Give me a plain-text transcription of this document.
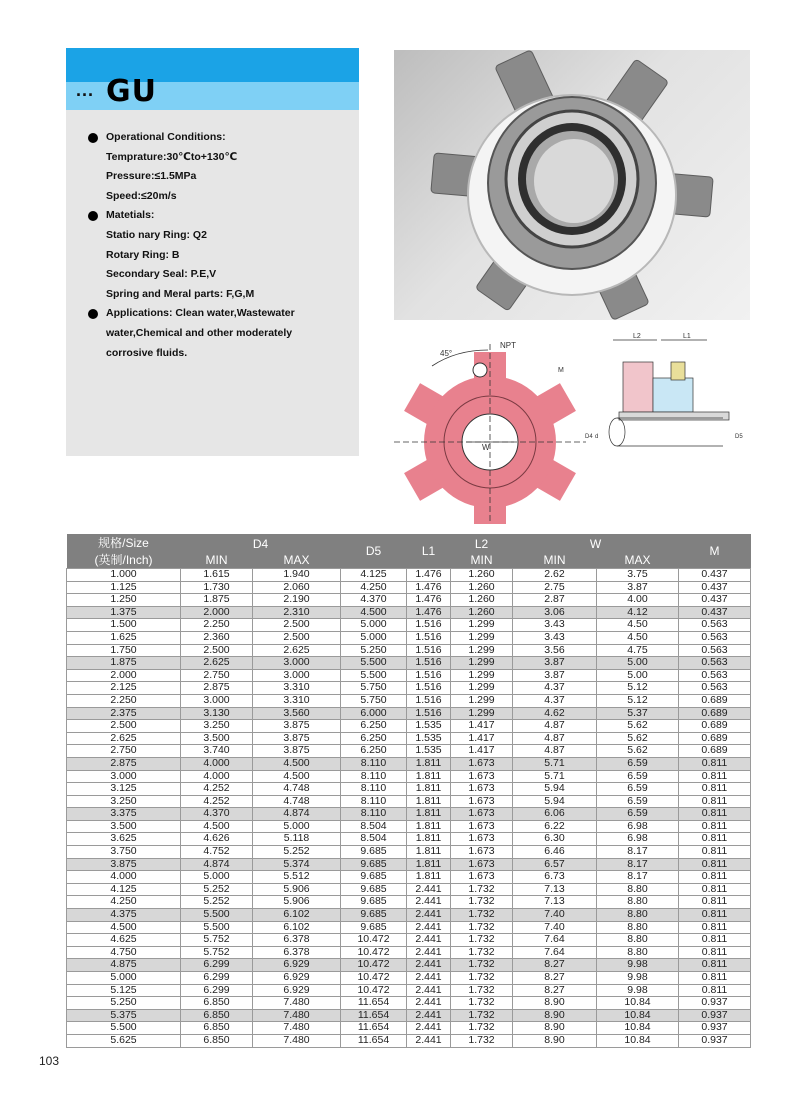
... GU
Operational Conditions:
Temprature:30℃to+130℃
Pressure:≤1.5MPa
Speed:≤20m/s
Matetials:
Statio nary Ring: Q2
Rotary Ring: B
Secondary Seal: P.E,V
Spring and Meral parts: F,G,M
Applications: Clean water,Wastewater
water,Chemical and other moderately
corrosive fluids.	45°
NPT
M
W
L2	L1
D4 d	D5
规格/Size
(英制/Inch)	D4		D5	L1	L2	W		M
	MIN	MAX			MIN	MIN	MAX	
1.000	1.615	1.940	4.125	1.476	1.260	2.62	3.75	0.437
1.125	1.730	2.060	4.250	1.476	1.260	2.75	3.87	0.437
1.250	1.875	2.190	4.370	1.476	1.260	2.87	4.00	0.437
1.375	2.000	2.310	4.500	1.476	1.260	3.06	4.12	0.437
1.500	2.250	2.500	5.000	1.516	1.299	3.43	4.50	0.563
1.625	2.360	2.500	5.000	1.516	1.299	3.43	4.50	0.563
1.750	2.500	2.625	5.250	1.516	1.299	3.56	4.75	0.563
1.875	2.625	3.000	5.500	1.516	1.299	3.87	5.00	0.563
2.000	2.750	3.000	5.500	1.516	1.299	3.87	5.00	0.563
2.125	2.875	3.310	5.750	1.516	1.299	4.37	5.12	0.563
2.250	3.000	3.310	5.750	1.516	1.299	4.37	5.12	0.689
2.375	3.130	3.560	6.000	1.516	1.299	4.62	5.37	0.689
2.500	3.250	3.875	6.250	1.535	1.417	4.87	5.62	0.689
2.625	3.500	3.875	6.250	1.535	1.417	4.87	5.62	0.689
2.750	3.740	3.875	6.250	1.535	1.417	4.87	5.62	0.689
2.875	4.000	4.500	8.110	1.811	1.673	5.71	6.59	0.811
3.000	4.000	4.500	8.110	1.811	1.673	5.71	6.59	0.811
3.125	4.252	4.748	8.110	1.811	1.673	5.94	6.59	0.811
3.250	4.252	4.748	8.110	1.811	1.673	5.94	6.59	0.811
3.375	4.370	4.874	8.110	1.811	1.673	6.06	6.59	0.811
3.500	4.500	5.000	8.504	1.811	1.673	6.22	6.98	0.811
3.625	4.626	5.118	8.504	1.811	1.673	6.30	6.98	0.811
3.750	4.752	5.252	9.685	1.811	1.673	6.46	8.17	0.811
3.875	4.874	5.374	9.685	1.811	1.673	6.57	8.17	0.811
4.000	5.000	5.512	9.685	1.811	1.673	6.73	8.17	0.811
4.125	5.252	5.906	9.685	2.441	1.732	7.13	8.80	0.811
4.250	5.252	5.906	9.685	2.441	1.732	7.13	8.80	0.811
4.375	5.500	6.102	9.685	2.441	1.732	7.40	8.80	0.811
4.500	5.500	6.102	9.685	2.441	1.732	7.40	8.80	0.811
4.625	5.752	6.378	10.472	2.441	1.732	7.64	8.80	0.811
4.750	5.752	6.378	10.472	2.441	1.732	7.64	8.80	0.811
4.875	6.299	6.929	10.472	2.441	1.732	8.27	9.98	0.811
5.000	6.299	6.929	10.472	2.441	1.732	8.27	9.98	0.811
5.125	6.299	6.929	10.472	2.441	1.732	8.27	9.98	0.811
5.250	6.850	7.480	11.654	2.441	1.732	8.90	10.84	0.937
5.375	6.850	7.480	11.654	2.441	1.732	8.90	10.84	0.937
5.500	6.850	7.480	11.654	2.441	1.732	8.90	10.84	0.937
5.625	6.850	7.480	11.654	2.441	1.732	8.90	10.84	0.937
103
